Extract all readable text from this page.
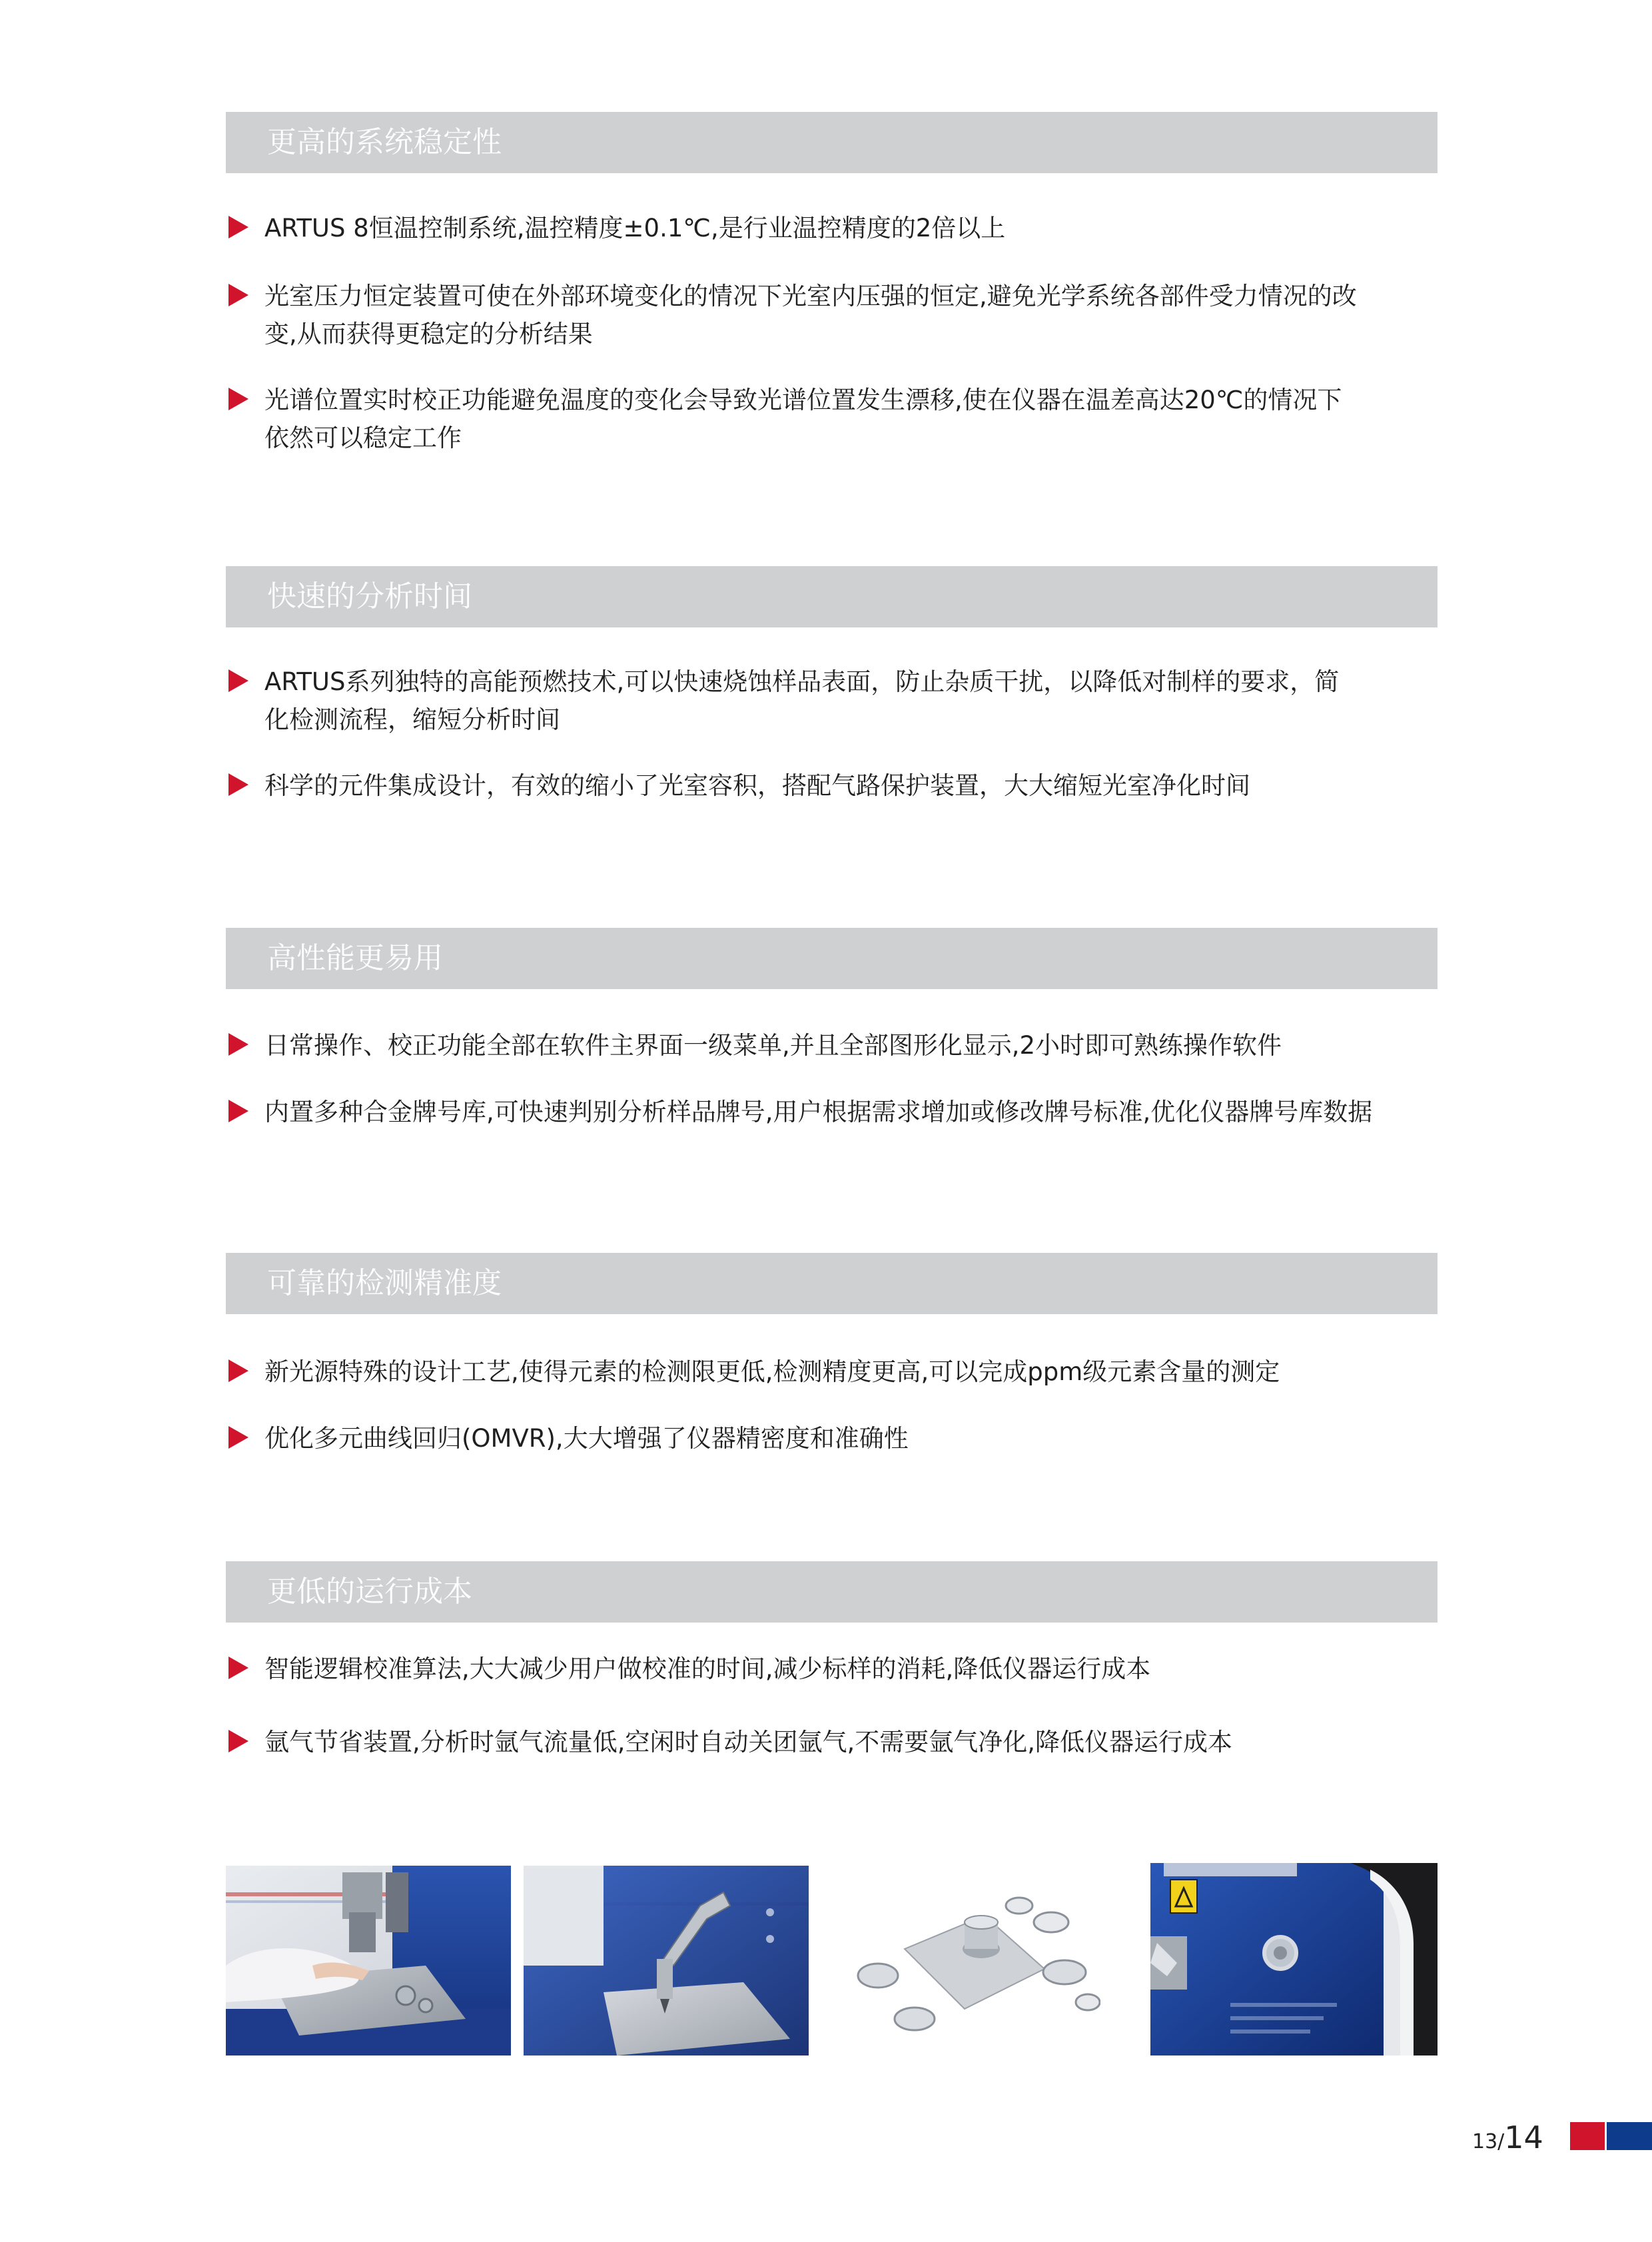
更高的系统稳定性
ARTUS 8恒温控制系统,温控精度±0.1℃,是行业温控精度的2倍以上
光室压力恒定装置可使在外部环境变化的情况下光室内压强的恒定,避免光学系统各部件受力情况的改
变,从而获得更稳定的分析结果
光谱位置实时校正功能避免温度的变化会导致光谱位置发生漂移,使在仪器在温差高达20℃的情况下
依然可以稳定工作
快速的分析时间
ARTUS系列独特的高能预燃技术,可以快速烧蚀样品表面，防止杂质干扰，以降低对制样的要求，简
化检测流程，缩短分析时间
科学的元件集成设计，有效的缩小了光室容积，搭配气路保护装置，大大缩短光室净化时间
高性能更易用
日常操作、校正功能全部在软件主界面一级菜单,并且全部图形化显示,2小时即可熟练操作软件
内置多种合金牌号库,可快速判别分析样品牌号,用户根据需求增加或修改牌号标准,优化仪器牌号库数据
可靠的检测精准度
新光源特殊的设计工艺,使得元素的检测限更低,检测精度更高,可以完成ppm级元素含量的测定
优化多元曲线回归(OMVR),大大增强了仪器精密度和准确性
更低的运行成本
智能逻辑校准算法,大大减少用户做校准的时间,减少标样的消耗,降低仪器运行成本
氩气节省装置,分析时氩气流量低,空闲时自动关团氩气,不需要氩气净化,降低仪器运行成本
13/14
